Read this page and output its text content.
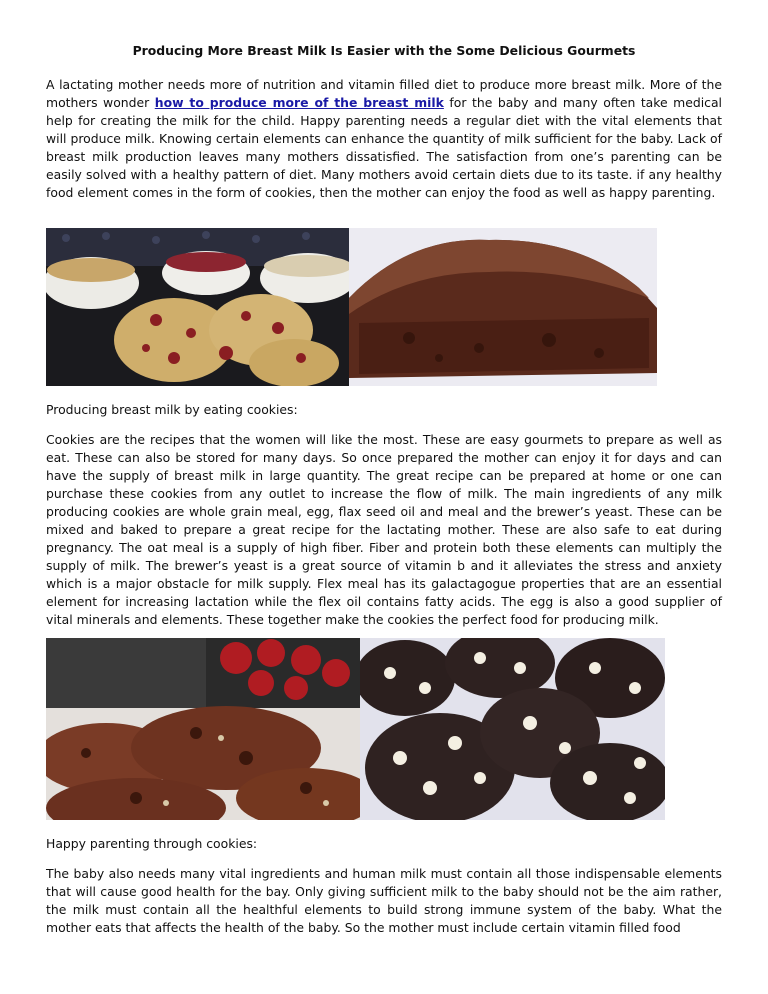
Producing More Breast Milk Is Easier with the Some Delicious Gourmets

A lactating mother needs more of nutrition and vitamin filled diet to produce more breast milk. More of the mothers wonder how to produce more of the breast milk for the baby and many often take medical help for creating the milk for the child. Happy parenting needs a regular diet with the vital elements that will produce milk. Knowing certain elements can enhance the quantity of milk sufficient for the baby. Lack of breast milk production leaves many mothers dissatisfied. The satisfaction from one’s parenting can be easily solved with a healthy pattern of diet. Many mothers avoid certain diets due to its taste. if any healthy food element comes in the form of cookies, then the mother can enjoy the food as well as happy parenting.

Producing breast milk by eating cookies:

Cookies are the recipes that the women will like the most. These are easy gourmets to prepare as well as eat. These can also be stored for many days. So once prepared the mother can enjoy it for days and can have the supply of breast milk in large quantity. The great recipe can be prepared at home or one can purchase these cookies from any outlet to increase the flow of milk. The main ingredients of any milk producing cookies are whole grain meal, egg, flax seed oil and meal and the brewer’s yeast. These can be mixed and baked to prepare a great recipe for the lactating mother. These are also safe to eat during pregnancy. The oat meal is a supply of high fiber. Fiber and protein both these elements can multiply the supply of milk. The brewer’s yeast is a great source of vitamin b and it alleviates the stress and anxiety which is a major obstacle for milk supply. Flex meal has its galactagogue properties that are an essential element for increasing lactation while the flex oil contains fatty acids. The egg is also a good supplier of vital minerals and elements. These together make the cookies the perfect food for producing milk.

Happy parenting through cookies:

The baby also needs many vital ingredients and human milk must contain all those indispensable elements that will cause good health for the bay. Only giving sufficient milk to the baby should not be the aim rather, the milk must contain all the healthful elements to build strong immune system of the baby. What the mother eats that affects the health of the baby. So the mother must include certain vitamin filled food
